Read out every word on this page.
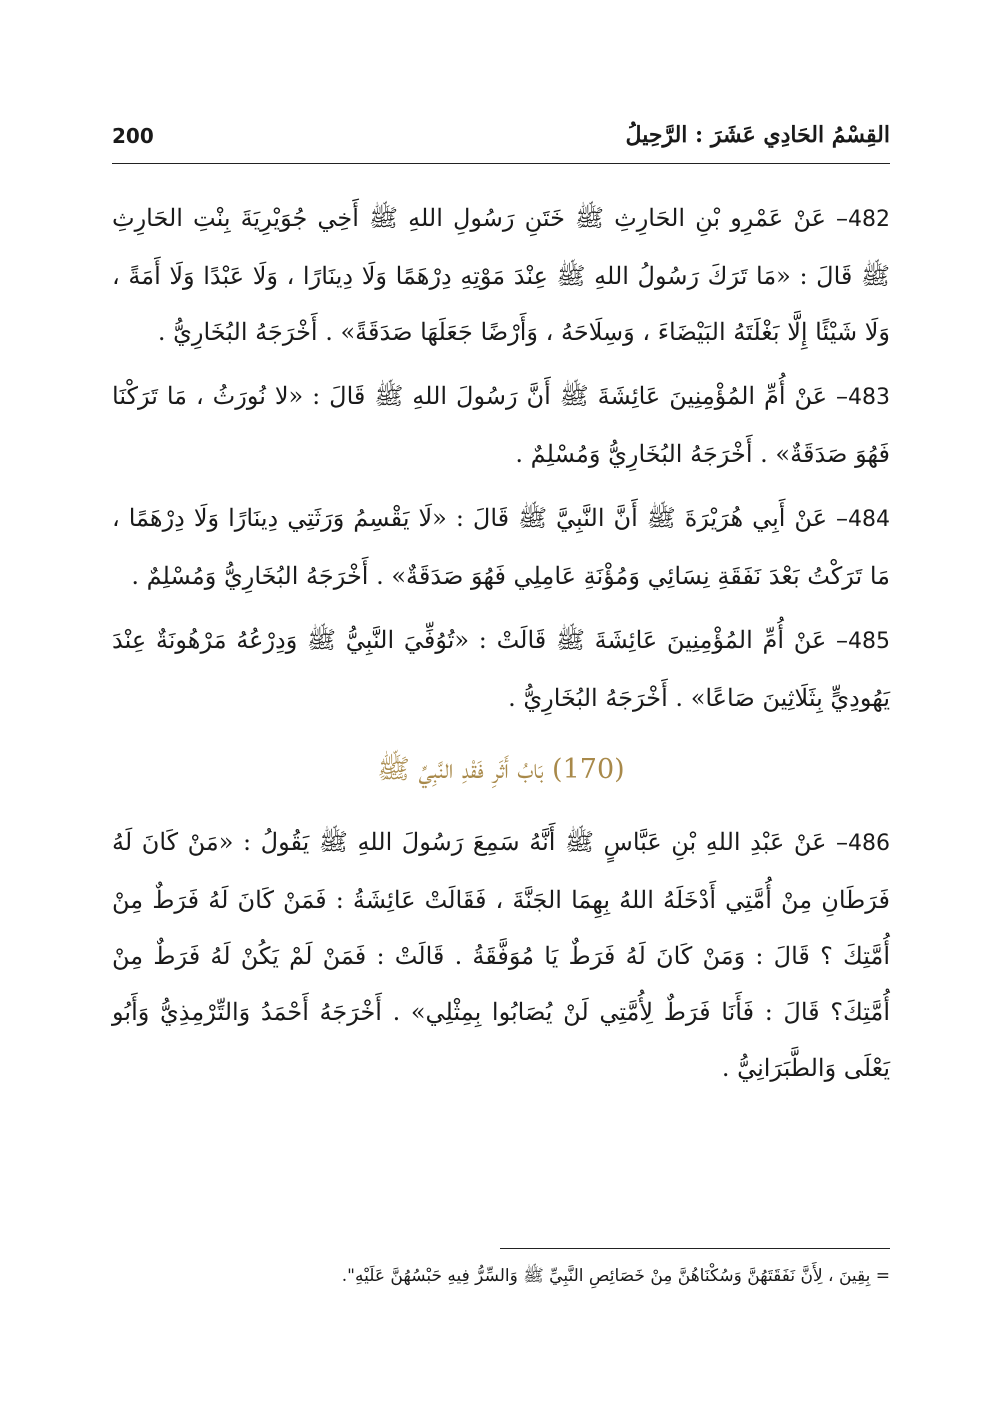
القِسْمُ الحَادِي عَشَرَ : الرَّحِيلُ
200

482– عَنْ عَمْرِو بْنِ الحَارِثِ ﷺ خَتَنِ رَسُولِ اللهِ ﷺ أَخِي جُوَيْرِيَةَ بِنْتِ الحَارِثِ ﷺ قَالَ : «مَا تَرَكَ رَسُولُ اللهِ ﷺ عِنْدَ مَوْتِهِ دِرْهَمًا وَلَا دِينَارًا ، وَلَا عَبْدًا وَلَا أَمَةً ، وَلَا شَيْئًا إِلَّا بَغْلَتَهُ البَيْضَاءَ ، وَسِلَاحَهُ ، وَأَرْضًا جَعَلَهَا صَدَقَةً» . أَخْرَجَهُ البُخَارِيُّ .

483– عَنْ أُمِّ المُؤْمِنِينَ عَائِشَةَ ﷺ أَنَّ رَسُولَ اللهِ ﷺ قَالَ : «لا نُورَثُ ، مَا تَرَكْنَا فَهُوَ صَدَقَةٌ» . أَخْرَجَهُ البُخَارِيُّ وَمُسْلِمٌ .

484– عَنْ أَبِي هُرَيْرَةَ ﷺ أَنَّ النَّبِيَّ ﷺ قَالَ : «لَا يَقْسِمُ وَرَثَتِي دِينَارًا وَلَا دِرْهَمًا ، مَا تَرَكْتُ بَعْدَ نَفَقَةِ نِسَائِي وَمُؤْنَةِ عَامِلِي فَهُوَ صَدَقَةٌ» . أَخْرَجَهُ البُخَارِيُّ وَمُسْلِمٌ .

485– عَنْ أُمِّ المُؤْمِنِينَ عَائِشَةَ ﷺ قَالَتْ : «تُوُفِّيَ النَّبِيُّ ﷺ وَدِرْعُهُ مَرْهُونَةٌ عِنْدَ يَهُودِيٍّ بِثَلَاثِينَ صَاعًا» . أَخْرَجَهُ البُخَارِيُّ .

(170) بَابُ أَثَرِ فَقْدِ النَّبِيِّ ﷺ

486– عَنْ عَبْدِ اللهِ بْنِ عَبَّاسٍ ﷺ أَنَّهُ سَمِعَ رَسُولَ اللهِ ﷺ يَقُولُ : «مَنْ كَانَ لَهُ فَرَطَانِ مِنْ أُمَّتِي أَدْخَلَهُ اللهُ بِهِمَا الجَنَّةَ ، فَقَالَتْ عَائِشَةُ : فَمَنْ كَانَ لَهُ فَرَطٌ مِنْ أُمَّتِكَ ؟ قَالَ : وَمَنْ كَانَ لَهُ فَرَطٌ يَا مُوَفَّقَةُ . قَالَتْ : فَمَنْ لَمْ يَكُنْ لَهُ فَرَطٌ مِنْ أُمَّتِكَ؟ قَالَ : فَأَنَا فَرَطٌ لِأُمَّتِي لَنْ يُصَابُوا بِمِثْلِي» . أَخْرَجَهُ أَحْمَدُ وَالتِّرْمِذِيُّ وَأَبُو يَعْلَى وَالطَّبَرَانِيُّ .

= بِقِينَ ، لِأَنَّ نَفَقَتَهُنَّ وَسُكْنَاهُنَّ مِنْ خَصَائِصِ النَّبِيِّ ﷺ وَالسِّرُّ فِيهِ حَبْسُهُنَّ عَلَيْهِ".
